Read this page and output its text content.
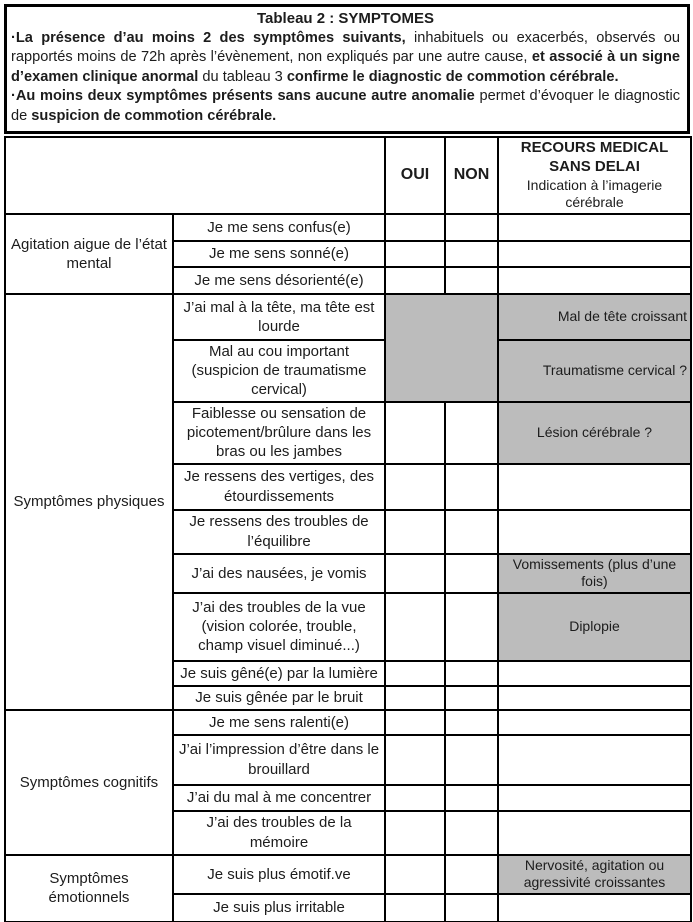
Tableau 2 : SYMPTOMES

·La présence d’au moins 2 des symptômes suivants, inhabituels ou exacerbés, observés ou rapportés moins de 72h après l’évènement, non expliqués par une autre cause, et associé à un signe d’examen clinique anormal du tableau 3 confirme le diagnostic de commotion cérébrale.

·Au moins deux symptômes présents sans aucune autre anomalie permet d’évoquer le diagnostic de suspicion de commotion cérébrale.

		OUI	NON	RECOURS MEDICAL SANS DELAI
Indication à l’imagerie cérébrale

Agitation aigue de l’état mental	Je me sens confus(e)			
	Je me sens sonné(e)			
	Je me sens désorienté(e)			
Symptômes physiques	J’ai mal à la tête, ma tête est lourde			Mal de tête croissant
	Mal au cou important (suspicion de traumatisme cervical)			Traumatisme cervical ?
	Faiblesse ou sensation de picotement/brûlure dans les bras ou les jambes			Lésion cérébrale ?
	Je ressens des vertiges, des étourdissements			
	Je ressens des troubles de l’équilibre			
	J’ai des nausées, je vomis			Vomissements (plus d’une fois)
	J’ai des troubles de la vue (vision colorée, trouble, champ visuel diminué...)			Diplopie
	Je suis gêné(e) par la lumière			
	Je suis gênée par le bruit			
Symptômes cognitifs	Je me sens ralenti(e)			
	J’ai l’impression d’être dans le brouillard			
	J’ai du mal à me concentrer			
	J’ai des troubles de la mémoire			
Symptômes émotionnels	Je suis plus émotif.ve			Nervosité, agitation ou agressivité croissantes
	Je suis plus irritable			
